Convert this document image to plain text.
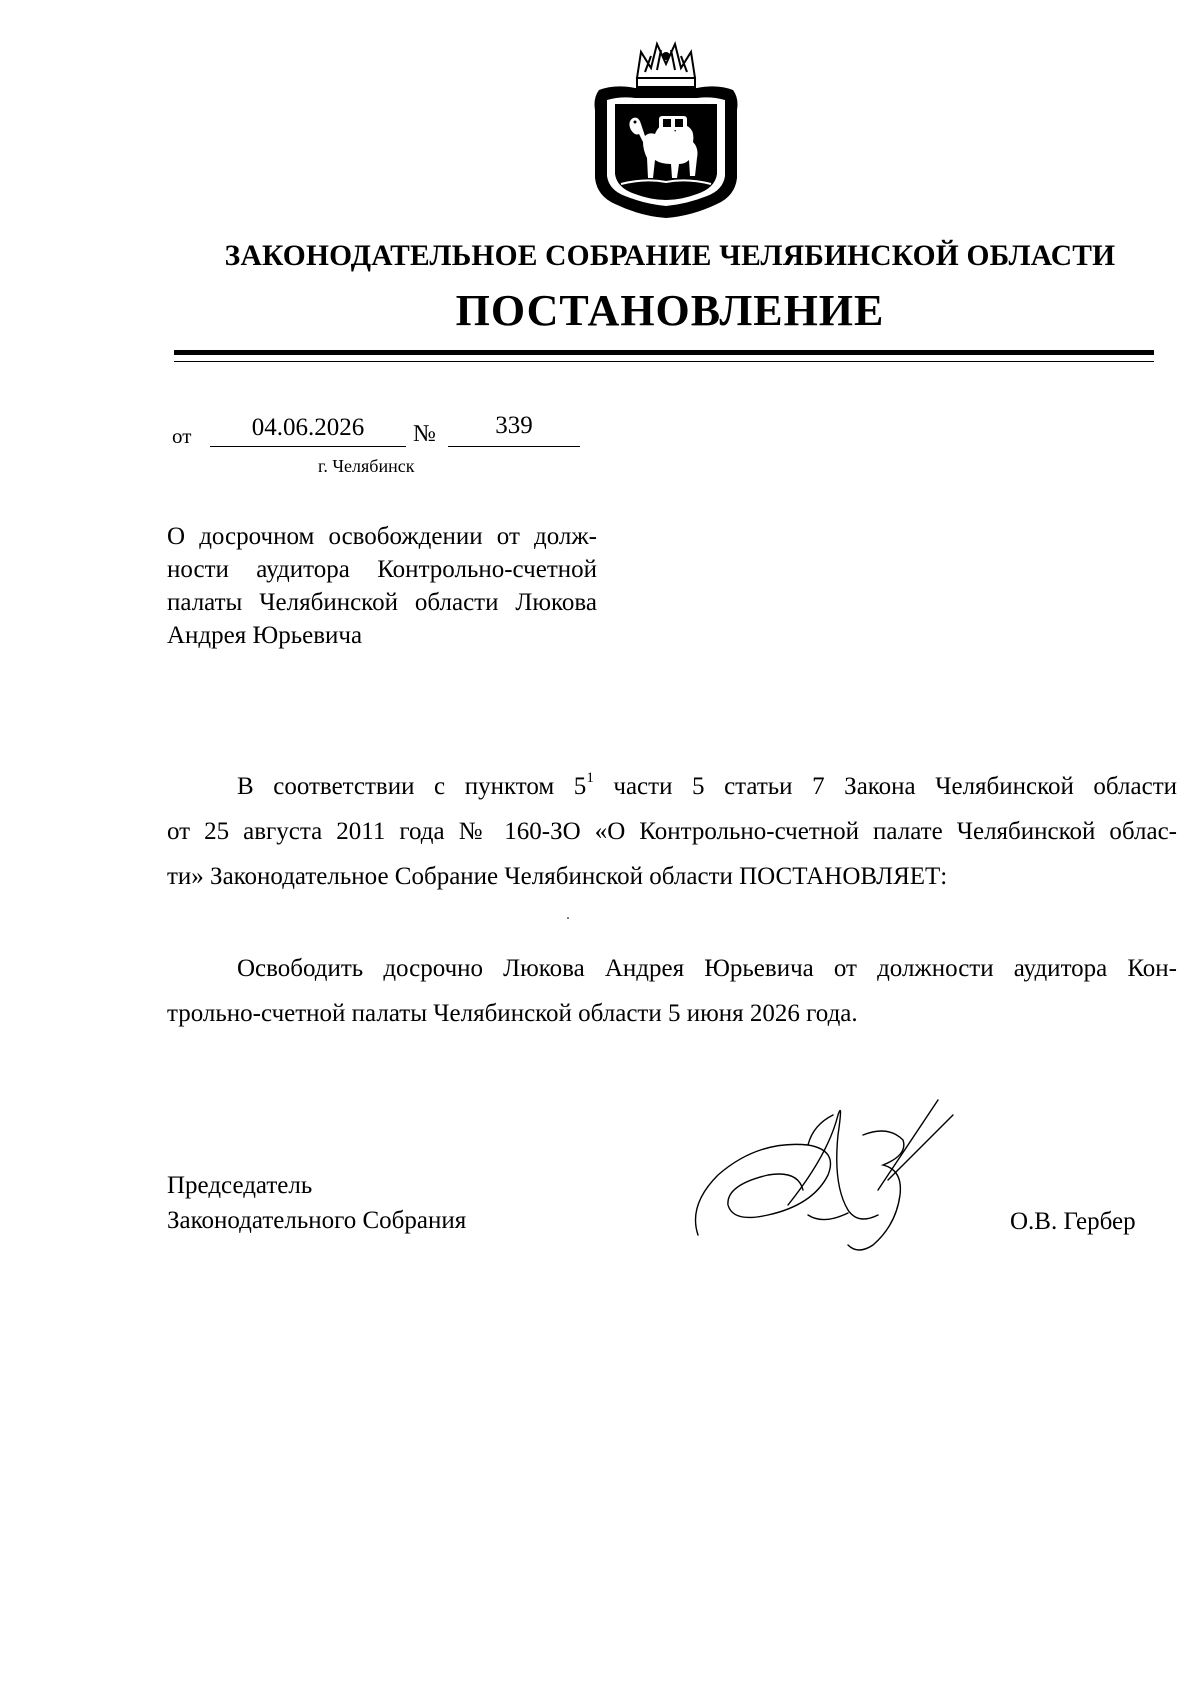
ЗАКОНОДАТЕЛЬНОЕ СОБРАНИЕ ЧЕЛЯБИНСКОЙ ОБЛАСТИ
ПОСТАНОВЛЕНИЕ
от	04.06.2026	№	339
г. Челябинск
О досрочном освобождении от долж-
ности аудитора Контрольно-счетной
палаты Челябинской области Люкова
Андрея Юрьевича
В соответствии с пунктом $5^1$ части 5 статьи 7 Закона Челябинской области
от 25 августа 2011 года № 160-ЗО «О Контрольно-счетной палате Челябинской облас-
ти» Законодательное Собрание Челябинской области ПОСТАНОВЛЯЕТ:
Освободить досрочно Люкова Андрея Юрьевича от должности аудитора Кон-
трольно-счетной палаты Челябинской области 5 июня 2026 года.
Председатель
Законодательного Собрания	О.В. Гербер
